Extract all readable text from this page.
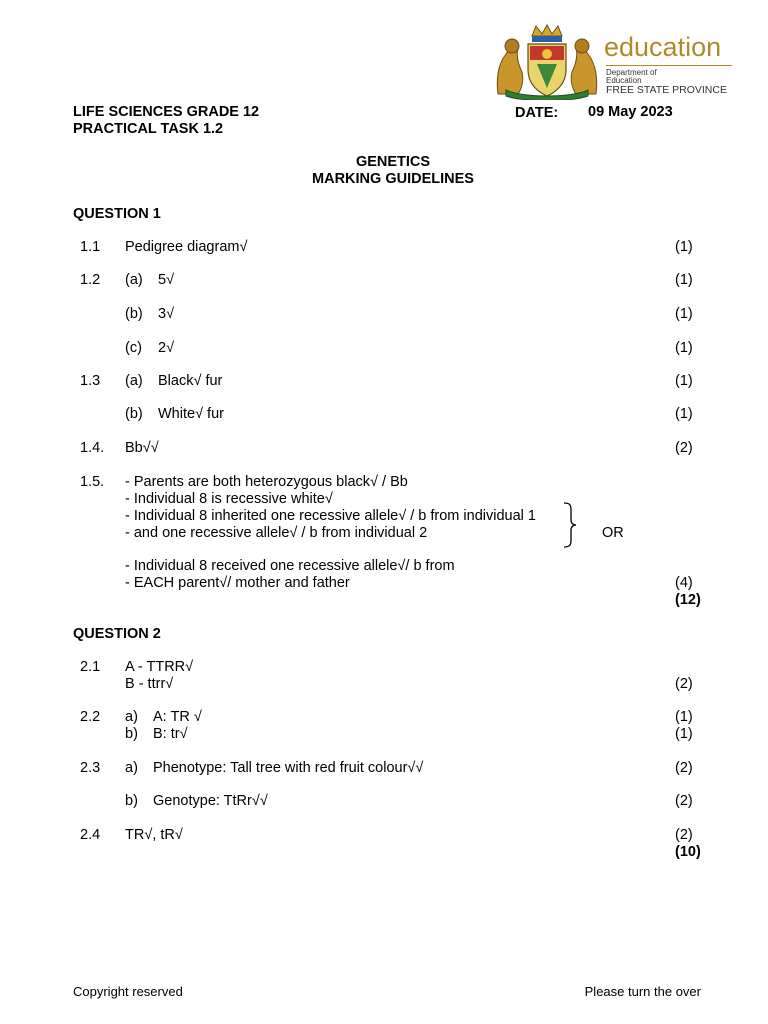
education
Department of
Education
FREE STATE PROVINCE
LIFE SCIENCES GRADE 12
PRACTICAL TASK 1.2
DATE: 09 May 2023
GENETICS
MARKING GUIDELINES
QUESTION 1
1.1 Pedigree diagram√	(1)
1.2 (a) 5√	(1)
(b) 3√	(1)
(c) 2√	(1)
1.3 (a) Black√ fur	(1)
(b) White√ fur	(1)
1.4. Bb√√	(2)
1.5. - Parents are both heterozygous black√ / Bb
- Individual 8 is recessive white√
- Individual 8 inherited one recessive allele√ / b from individual 1
- and one recessive allele√ / b from individual 2	OR
- Individual 8 received one recessive allele√/ b from
- EACH parent√/ mother and father	(4)
(12)
QUESTION 2
2.1 A - TTRR√
B - ttrr√	(2)
2.2 a) A: TR √	(1)
b) B: tr√	(1)
2.3 a) Phenotype: Tall tree with red fruit colour√√	(2)
b) Genotype: TtRr√√	(2)
2.4 TR√, tR√	(2)
(10)
Copyright reserved	Please turn the over
